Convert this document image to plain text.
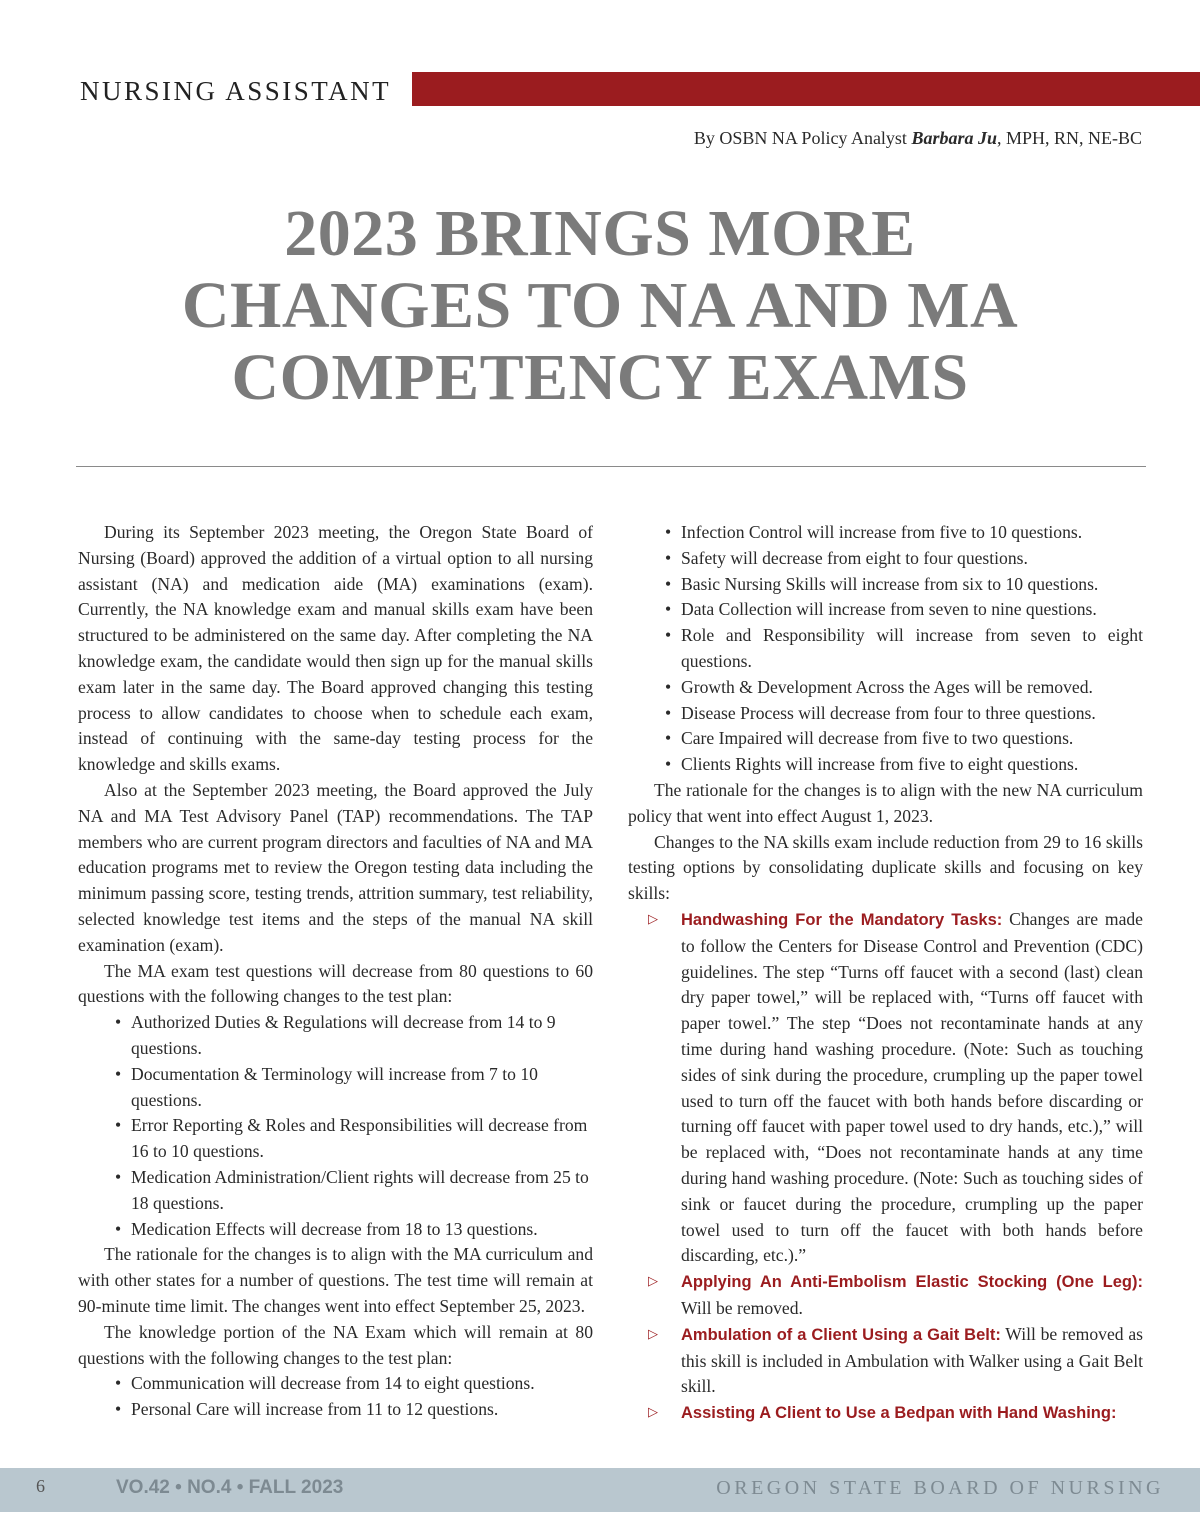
NURSING ASSISTANT
By OSBN NA Policy Analyst Barbara Ju, MPH, RN, NE-BC
2023 BRINGS MORE
CHANGES TO NA AND MA
COMPETENCY EXAMS

During its September 2023 meeting, the Oregon State Board of Nursing (Board) approved the addition of a virtual option to all nursing assistant (NA) and medication aide (MA) examinations (exam). Currently, the NA knowledge exam and manual skills exam have been structured to be administered on the same day. After completing the NA knowledge exam, the candidate would then sign up for the manual skills exam later in the same day. The Board approved changing this testing process to allow candidates to choose when to schedule each exam, instead of continuing with the same-day testing process for the knowledge and skills exams.

Also at the September 2023 meeting, the Board approved the July NA and MA Test Advisory Panel (TAP) recommendations. The TAP members who are current program directors and faculties of NA and MA education programs met to review the Oregon testing data including the minimum passing score, testing trends, attrition summary, test reliability, selected knowledge test items and the steps of the manual NA skill examination (exam).

The MA exam test questions will decrease from 80 questions to 60 questions with the following changes to the test plan:

• Authorized Duties & Regulations will decrease from 14 to 9 questions.
• Documentation & Terminology will increase from 7 to 10 questions.
• Error Reporting & Roles and Responsibilities will decrease from 16 to 10 questions.
• Medication Administration/Client rights will decrease from 25 to 18 questions.
• Medication Effects will decrease from 18 to 13 questions.

The rationale for the changes is to align with the MA curriculum and with other states for a number of questions. The test time will remain at 90-minute time limit. The changes went into effect September 25, 2023.

The knowledge portion of the NA Exam which will remain at 80 questions with the following changes to the test plan:

• Communication will decrease from 14 to eight questions.
• Personal Care will increase from 11 to 12 questions.
• Infection Control will increase from five to 10 questions.
• Safety will decrease from eight to four questions.
• Basic Nursing Skills will increase from six to 10 questions.
• Data Collection will increase from seven to nine questions.
• Role and Responsibility will increase from seven to eight questions.
• Growth & Development Across the Ages will be removed.
• Disease Process will decrease from four to three questions.
• Care Impaired will decrease from five to two questions.
• Clients Rights will increase from five to eight questions.

The rationale for the changes is to align with the new NA curriculum policy that went into effect August 1, 2023.

Changes to the NA skills exam include reduction from 29 to 16 skills testing options by consolidating duplicate skills and focusing on key skills:

▷ Handwashing For the Mandatory Tasks: Changes are made to follow the Centers for Disease Control and Prevention (CDC) guidelines. The step “Turns off faucet with a second (last) clean dry paper towel,” will be replaced with, “Turns off faucet with paper towel.” The step “Does not recontaminate hands at any time during hand washing procedure. (Note: Such as touching sides of sink during the procedure, crumpling up the paper towel used to turn off the faucet with both hands before discarding or turning off faucet with paper towel used to dry hands, etc.),” will be replaced with, “Does not recontaminate hands at any time during hand washing procedure. (Note: Such as touching sides of sink or faucet during the procedure, crumpling up the paper towel used to turn off the faucet with both hands before discarding, etc.).”
▷ Applying An Anti-Embolism Elastic Stocking (One Leg): Will be removed.
▷ Ambulation of a Client Using a Gait Belt: Will be removed as this skill is included in Ambulation with Walker using a Gait Belt skill.
▷ Assisting A Client to Use a Bedpan with Hand Washing:
6	VO.42 • NO.4 • FALL 2023	OREGON STATE BOARD OF NURSING
